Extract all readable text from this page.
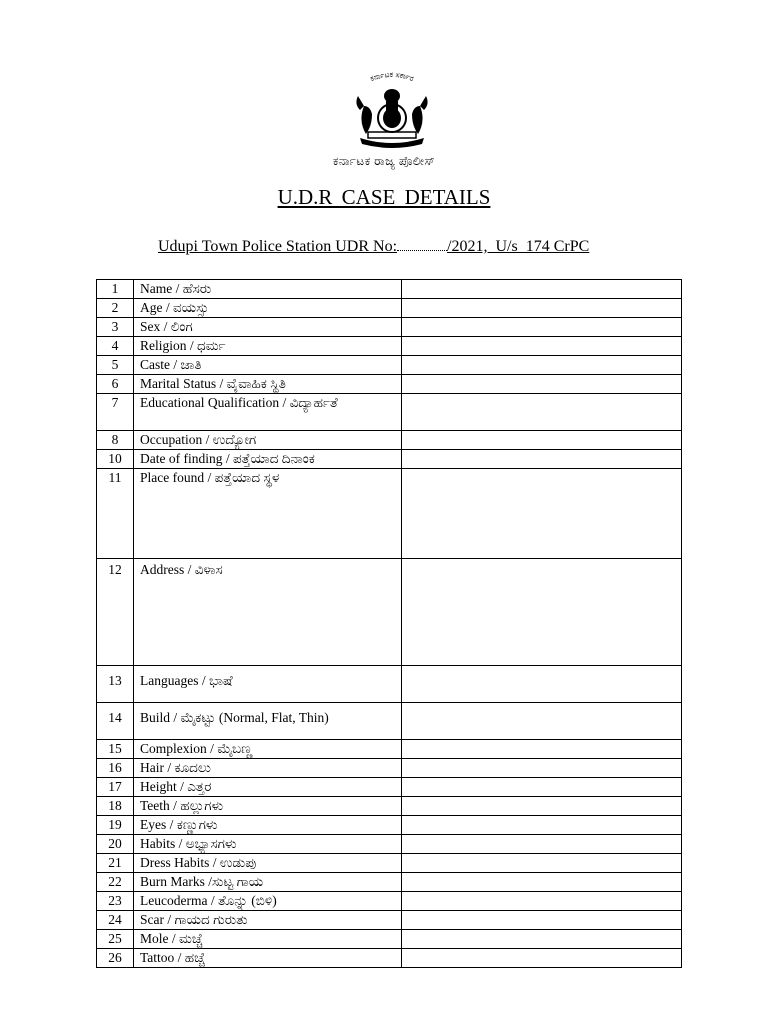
ಕರ್ನಾಟಕ ಸರ್ಕಾರ
ಕರ್ನಾಟಕ ರಾಜ್ಯ ಪೊಲೀಸ್
U.D.R CASE DETAILS
Udupi Town Police Station UDR No:	/2021,  U/s  174 CrPC
1	Name / ಹೆಸರು	
2	Age / ವಯಸ್ಸು	
3	Sex / ಲಿಂಗ	
4	Religion / ಧರ್ಮ	
5	Caste / ಜಾತಿ	
6	Marital Status / ವೈವಾಹಿಕ ಸ್ಥಿತಿ	
7	Educational Qualification / ವಿದ್ಯಾರ್ಹತೆ	
8	Occupation / ಉದ್ಯೋಗ	
10	Date of finding / ಪತ್ತೆಯಾದ ದಿನಾಂಕ	
11	Place found / ಪತ್ತೆಯಾದ ಸ್ಥಳ	
12	Address / ವಿಳಾಸ	
13	Languages / ಭಾಷೆ	
14	Build / ಮೈಕಟ್ಟು (Normal, Flat, Thin)	
15	Complexion / ಮೈಬಣ್ಣ	
16	Hair / ಕೂದಲು	
17	Height / ಎತ್ತರ	
18	Teeth / ಹಲ್ಲುಗಳು	
19	Eyes / ಕಣ್ಣುಗಳು	
20	Habits / ಅಭ್ಯಾಸಗಳು	
21	Dress Habits / ಉಡುಪು	
22	Burn Marks /ಸುಟ್ಟ ಗಾಯ	
23	Leucoderma / ತೊನ್ನು (ಬಿಳಿ)	
24	Scar / ಗಾಯದ ಗುರುತು	
25	Mole / ಮಚ್ಚೆ	
26	Tattoo / ಹಚ್ಚೆ	
